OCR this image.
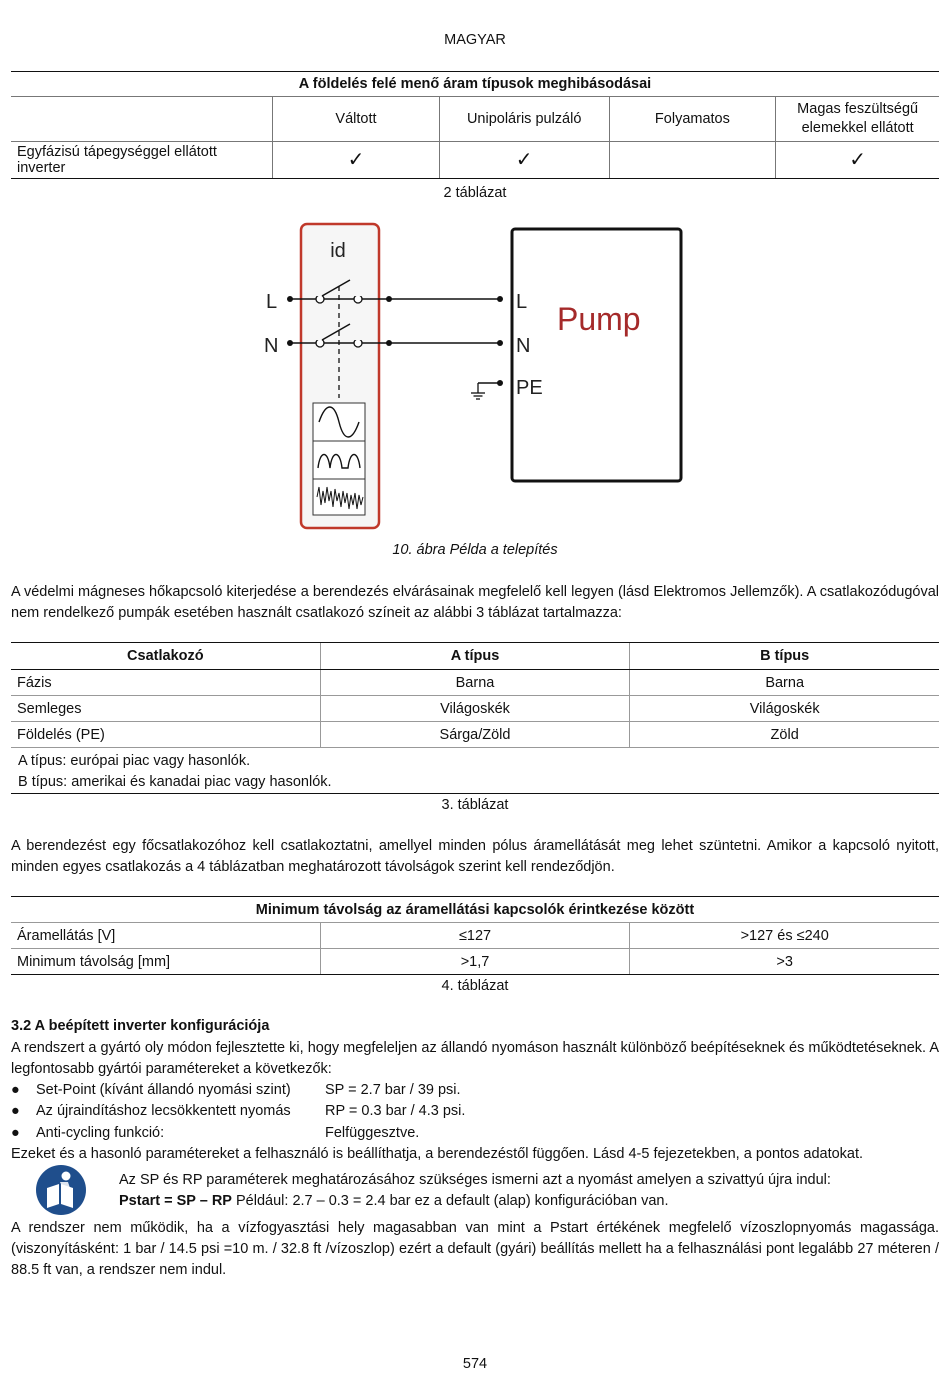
MAGYAR
A földelés felé menő áram típusok meghibásodásai				
	Váltott	Unipoláris pulzáló	Folyamatos	Magas feszültségű elemekkel ellátott
Egyfázisú tápegységgel ellátott inverter	✓	✓		✓
2 táblázat
id
L
N
L
N
PE
Pump
10. ábra Példa a telepítés
A védelmi mágneses hőkapcsoló kiterjedése a berendezés elvárásainak megfelelő kell legyen (lásd Elektromos Jellemzők). A csatlakozódugóval nem rendelkező pumpák esetében használt csatlakozó színeit az alábbi 3 táblázat tartalmazza:
Csatlakozó	A típus	B típus
Fázis	Barna	Barna
Semleges	Világoskék	Világoskék
Földelés (PE)	Sárga/Zöld	Zöld
A típus: európai piac vagy hasonlók.
B típus: amerikai és kanadai piac vagy hasonlók.
3. táblázat
A berendezést egy főcsatlakozóhoz kell csatlakoztatni, amellyel minden pólus áramellátását meg lehet szüntetni. Amikor a kapcsoló nyitott, minden egyes csatlakozás a 4 táblázatban meghatározott távolságok szerint kell rendeződjön.
Minimum távolság az áramellátási kapcsolók érintkezése között		
Áramellátás [V]	≤127	>127 és ≤240
Minimum távolság [mm]	>1,7	>3
4. táblázat
3.2 A beépített inverter konfigurációja
A rendszert a gyártó oly módon fejlesztette ki, hogy megfeleljen az állandó nyomáson használt különböző beépítéseknek és működtetéseknek. A legfontosabb gyártói paramétereket a következők:
● Set-Point (kívánt állandó nyomási szint) SP = 2.7 bar / 39 psi.
● Az újraindításhoz lecsökkentett nyomás RP = 0.3 bar / 4.3 psi.
● Anti-cycling funkció:	Felfüggesztve.
Ezeket és a hasonló paramétereket a felhasználó is beállíthatja, a berendezéstől függően. Lásd 4-5 fejezetekben, a pontos adatokat.
Az SP és RP paraméterek meghatározásához szükséges ismerni azt a nyomást amelyen a szivattyú újra indul:
Pstart = SP – RP Például: 2.7 – 0.3 = 2.4 bar ez a default (alap) konfigurációban van.
A rendszer nem működik, ha a vízfogyasztási hely magasabban van mint a Pstart értékének megfelelő vízoszlopnyomás magassága. (viszonyításként: 1 bar / 14.5 psi =10 m. / 32.8 ft /vízoszlop) ezért a default (gyári) beállítás mellett ha a felhasználási pont legalább 27 méteren / 88.5 ft van, a rendszer nem indul.
574
